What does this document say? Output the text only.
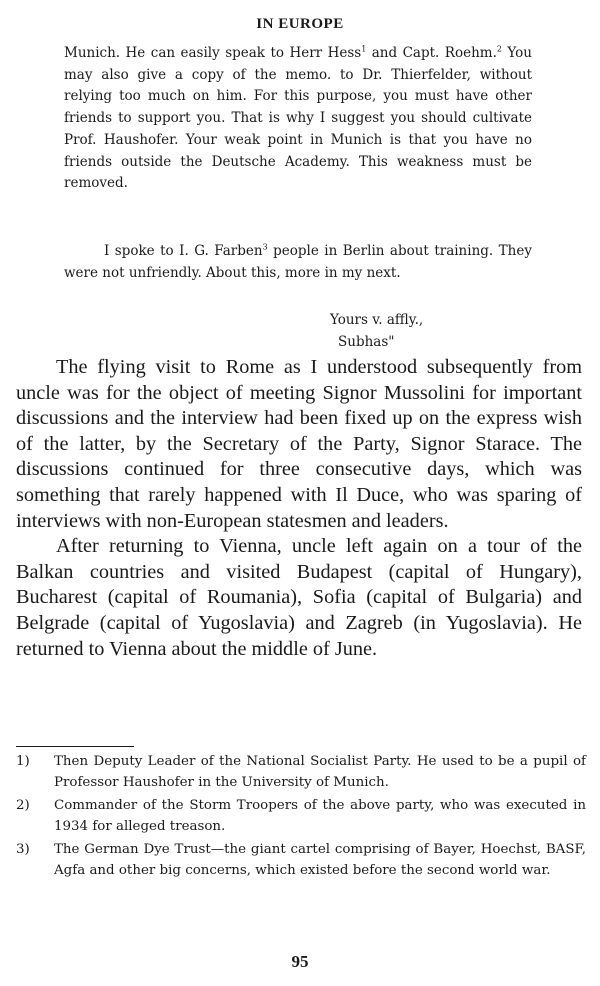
IN EUROPE

Munich. He can easily speak to Herr Hess$^1$ and Capt. Roehm.$^2$ You may also give a copy of the memo. to Dr. Thierfelder, without relying too much on him. For this purpose, you must have other friends to support you. That is why I suggest you should cultivate Prof. Haushofer. Your weak point in Munich is that you have no friends outside the Deutsche Academy. This weakness must be removed.

I spoke to I. G. Farben$^3$ people in Berlin about training. They were not unfriendly. About this, more in my next.

Yours v. affly.,
Subhas"

The flying visit to Rome as I understood subsequently from uncle was for the object of meeting Signor Mussolini for important discussions and the interview had been fixed up on the express wish of the latter, by the Secretary of the Party, Signor Starace. The discussions continued for three consecutive days, which was something that rarely happened with Il Duce, who was sparing of interviews with non-European statesmen and leaders.

After returning to Vienna, uncle left again on a tour of the Balkan countries and visited Budapest (capital of Hungary), Bucharest (capital of Roumania), Sofia (capital of Bulgaria) and Belgrade (capital of Yugoslavia) and Zagreb (in Yugoslavia). He returned to Vienna about the middle of June.

1)	Then Deputy Leader of the National Socialist Party. He used to be a pupil of Professor Haushofer in the University of Munich.
2)	Commander of the Storm Troopers of the above party, who was executed in 1934 for alleged treason.
3)	The German Dye Trust—the giant cartel comprising of Bayer, Hoechst, BASF, Agfa and other big concerns, which existed before the second world war.
95
